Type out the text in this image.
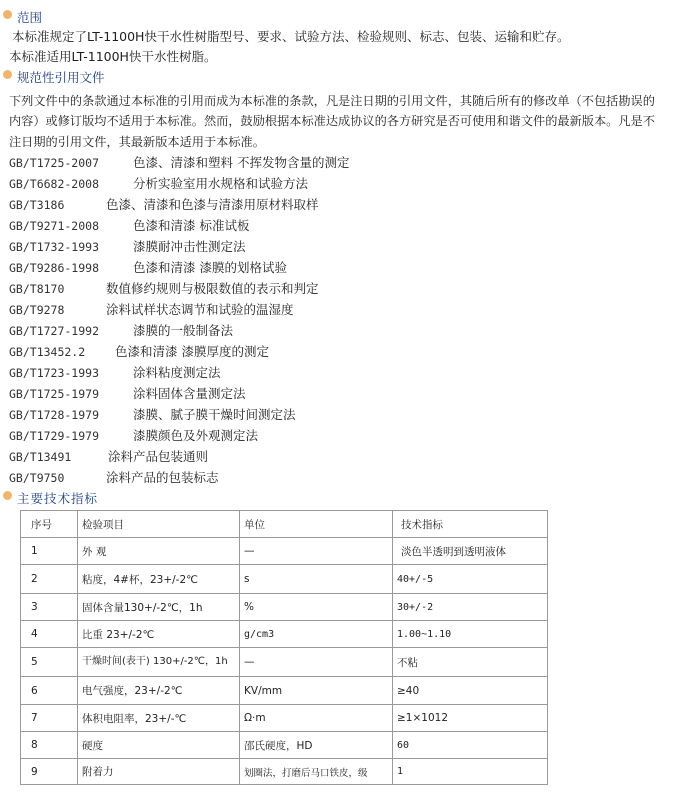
范围
本标准规定了LT-1100H快干水性树脂型号、要求、试验方法、检验规则、标志、包装、运输和贮存。
本标准适用LT-1100H快干水性树脂。
规范性引用文件
下列文件中的条款通过本标准的引用而成为本标准的条款，凡是注日期的引用文件，其随后所有的修改单（不包括勘误的
内容）或修订版均不适用于本标准。然而，鼓励根据本标准达成协议的各方研究是否可使用和谐文件的最新版本。凡是不
注日期的引用文件，其最新版本适用于本标准。
GB/T1725-2007	色漆、清漆和塑料 不挥发物含量的测定
GB/T6682-2008	分析实验室用水规格和试验方法
GB/T3186	色漆、清漆和色漆与清漆用原材料取样
GB/T9271-2008	色漆和清漆 标准试板
GB/T1732-1993	漆膜耐冲击性测定法
GB/T9286-1998	色漆和清漆 漆膜的划格试验
GB/T8170	数值修约规则与极限数值的表示和判定
GB/T9278	涂料试样状态调节和试验的温湿度
GB/T1727-1992	漆膜的一般制备法
GB/T13452.2 色漆和清漆 漆膜厚度的测定
GB/T1723-1993	涂料粘度测定法
GB/T1725-1979	涂料固体含量测定法
GB/T1728-1979	漆膜、腻子膜干燥时间测定法
GB/T1729-1979	漆膜颜色及外观测定法
GB/T13491	涂料产品包装通则
GB/T9750	涂料产品的包装标志
主要技术指标
序号	检验项目	单位	技术指标
1	外 观	—	淡色半透明到透明液体
2	粘度，4#杯，23+/-2℃	s	40+/-5
3	固体含量130+/-2℃，1h	%	30+/-2
4	比重 23+/-2℃	g/cm3	1.00~1.10
5	干燥时间(表干) 130+/-2℃，1h	—	不粘
6	电气强度，23+/-2℃	KV/mm	≥40
7	体积电阻率，23+/-℃	Ω·m	≥1×1012
8	硬度	邵氏硬度，HD	60
9	附着力	划圈法，打磨后马口铁皮，级	1
